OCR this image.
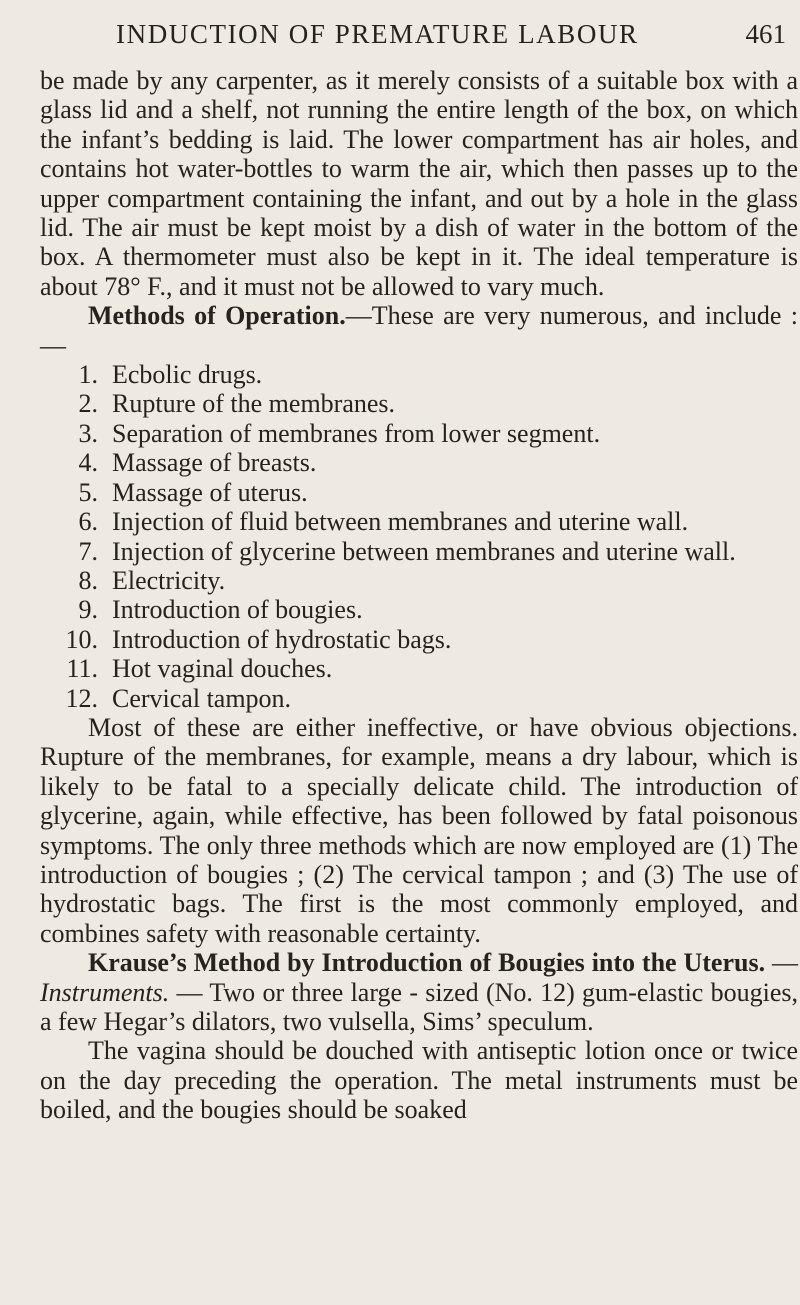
INDUCTION OF PREMATURE LABOUR	461

be made by any carpenter, as it merely consists of a suitable box with a glass lid and a shelf, not running the entire length of the box, on which the infant’s bedding is laid. The lower compartment has air holes, and contains hot water-bottles to warm the air, which then passes up to the upper compartment containing the infant, and out by a hole in the glass lid. The air must be kept moist by a dish of water in the bottom of the box. A thermometer must also be kept in it. The ideal temperature is about 78° F., and it must not be allowed to vary much.

Methods of Operation.—These are very numerous, and include :—

1. Ecbolic drugs.
2. Rupture of the membranes.
3. Separation of membranes from lower segment.
4. Massage of breasts.
5. Massage of uterus.
6. Injection of fluid between membranes and uterine wall.
7. Injection of glycerine between membranes and uterine wall.
8. Electricity.
9. Introduction of bougies.
10. Introduction of hydrostatic bags.
11. Hot vaginal douches.
12. Cervical tampon.

Most of these are either ineffective, or have obvious objections. Rupture of the membranes, for example, means a dry labour, which is likely to be fatal to a specially delicate child. The introduction of glycerine, again, while effective, has been followed by fatal poisonous symptoms. The only three methods which are now employed are (1) The introduction of bougies ; (2) The cervical tampon ; and (3) The use of hydrostatic bags. The first is the most commonly employed, and combines safety with reasonable certainty.

Krause’s Method by Introduction of Bougies into the Uterus. — Instruments. — Two or three large - sized (No. 12) gum-elastic bougies, a few Hegar’s dilators, two vulsella, Sims’ speculum.

The vagina should be douched with antiseptic lotion once or twice on the day preceding the operation. The metal instruments must be boiled, and the bougies should be soaked
